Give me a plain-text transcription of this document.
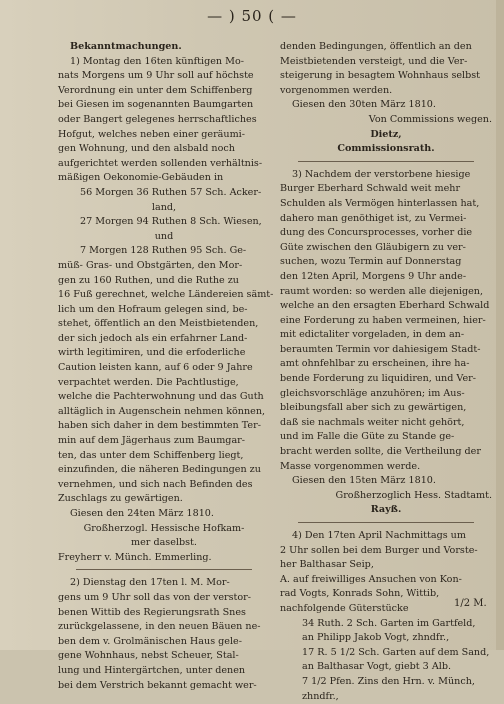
— ) 50 ( —
Bekanntmachungen.
1) Montag den 16ten künftigen Mo-
nats Morgens um 9 Uhr soll auf höchste
Verordnung ein unter dem Schiffenberg
bei Giesen im sogenannten Baumgarten
oder Bangert gelegenes herrschaftliches
Hofgut, welches neben einer geräumi-
gen Wohnung, und den alsbald noch
aufgerichtet werden sollenden verhältnis-
mäßigen Oekonomie-Gebäuden in
56 Morgen 36 Ruthen 57 Sch. Acker-
land,
27 Morgen 94 Ruthen 8 Sch. Wiesen,
und
7 Morgen 128 Ruthen 95 Sch. Ge-
müß- Gras- und Obstgärten, den Mor-
gen zu 160 Ruthen, und die Ruthe zu
16 Fuß gerechnet, welche Ländereien sämt-
lich um den Hofraum gelegen sind, be-
stehet, öffentlich an den Meistbietenden,
der sich jedoch als ein erfahrner Land-
wirth legitimiren, und die erfoderliche
Caution leisten kann, auf 6 oder 9 Jahre
verpachtet werden. Die Pachtlustige,
welche die Pachterwohnung und das Guth
alltäglich in Augenschein nehmen können,
haben sich daher in dem bestimmten Ter-
min auf dem Jägerhaus zum Baumgar-
ten, das unter dem Schiffenberg liegt,
einzufinden, die näheren Bedingungen zu
vernehmen, und sich nach Befinden des
Zuschlags zu gewärtigen.
Giesen den 24ten März 1810.
Großherzogl. Hessische Hofkam-
mer daselbst.
Freyherr v. Münch. Emmerling.
2) Dienstag den 17ten l. M. Mor-
gens um 9 Uhr soll das von der verstor-
benen Wittib des Regierungsrath Snes
zurückgelassene, in den neuen Bäuen ne-
ben dem v. Grolmänischen Haus gele-
gene Wohnhaus, nebst Scheuer, Stal-
lung und Hintergärtchen, unter denen
bei dem Verstrich bekannt gemacht wer-
denden Bedingungen, öffentlich an den
Meistbietenden versteigt, und die Ver-
steigerung in besagtem Wohnhaus selbst
vorgenommen werden.
Giesen den 30ten März 1810.
Von Commissions wegen.
Dietz,
Commissionsrath.
3) Nachdem der verstorbene hiesige
Burger Eberhard Schwald weit mehr
Schulden als Vermögen hinterlassen hat,
dahero man genöthiget ist, zu Vermei-
dung des Concursprocesses, vorher die
Güte zwischen den Gläubigern zu ver-
suchen, wozu Termin auf Donnerstag
den 12ten April, Morgens 9 Uhr ande-
raumt worden: so werden alle diejenigen,
welche an den ersagten Eberhard Schwald
eine Forderung zu haben vermeinen, hier-
mit edictaliter vorgeladen, in dem an-
beraumten Termin vor dahiesigem Stadt-
amt ohnfehlbar zu erscheinen, ihre ha-
bende Forderung zu liquidiren, und Ver-
gleichsvorschläge anzuhören; im Aus-
bleibungsfall aber sich zu gewärtigen,
daß sie nachmals weiter nicht gehört,
und im Falle die Güte zu Stande ge-
bracht werden sollte, die Vertheilung der
Masse vorgenommen werde.
Giesen den 15ten März 1810.
Großherzoglich Hess. Stadtamt.
Rayß.
4) Den 17ten April Nachmittags um
2 Uhr sollen bei dem Burger und Vorste-
her Balthasar Seip,
A. auf freiwilliges Ansuchen von Kon-
rad Vogts, Konrads Sohn, Wittib,
nachfolgende Güterstücke
34 Ruth. 2 Sch. Garten im Gartfeld,
an Philipp Jakob Vogt, zhndfr.,
17 R. 5 1/2 Sch. Garten auf dem Sand,
an Balthasar Vogt, giebt 3 Alb.
7 1/2 Pfen. Zins den Hrn. v. Münch,
zhndfr.,
1/2 M.
